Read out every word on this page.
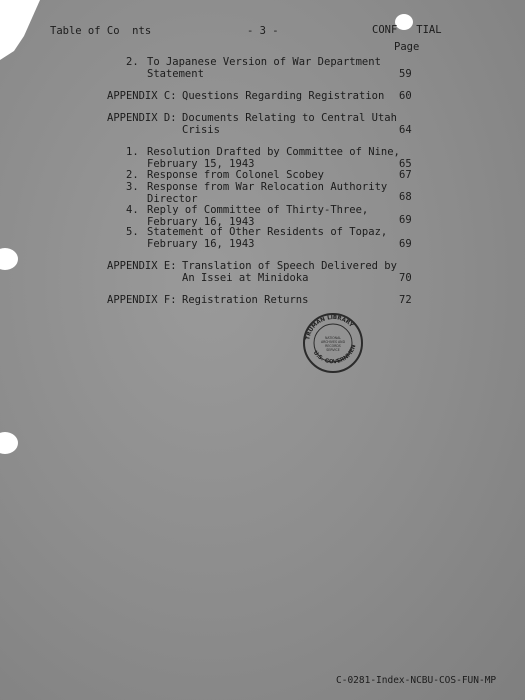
Table of Co  nts	- 3 -	CONF   TIAL
Page
2. To Japanese Version of War Department
Statement	59
APPENDIX C: Questions Regarding Registration 60
APPENDIX D: Documents Relating to Central Utah
Crisis	64
1. Resolution Drafted by Committee of Nine,
February 15, 1943	65
2. Response from Colonel Scobey	67
3. Response from War Relocation Authority
Director	68
4. Reply of Committee of Thirty-Three,
February 16, 1943	69
5. Statement of Other Residents of Topaz,
February 16, 1943	69
APPENDIX E: Translation of Speech Delivered by
An Issei at Minidoka	70
APPENDIX F: Registration Returns	72
TRUMAN LIBRARY
U.S. GOVERNMEN
NATIONAL
ARCHIVES AND
RECORDS
SERVICE
C-0281-Index-NCBU-COS-FUN-MP
